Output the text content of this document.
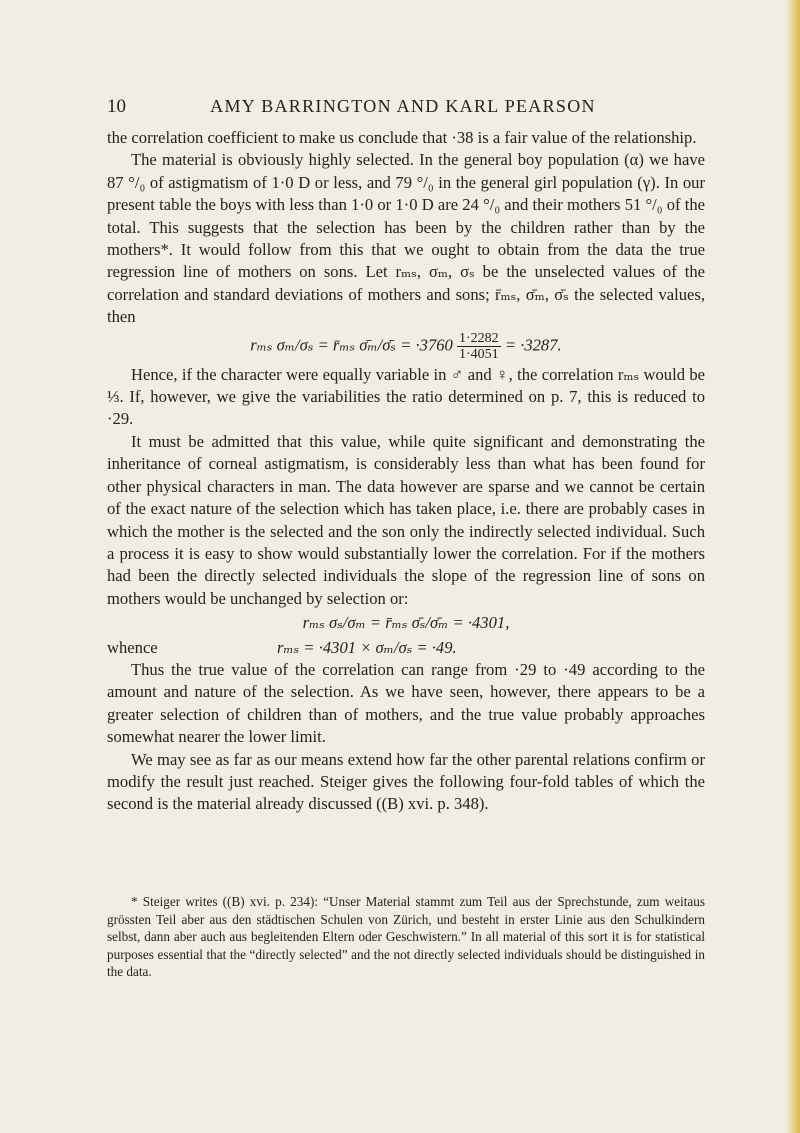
10	AMY BARRINGTON AND KARL PEARSON

the correlation coefficient to make us conclude that ·38 is a fair value of the relationship.

The material is obviously highly selected. In the general boy population (α) we have 87 °/₀ of astigmatism of 1·0 D or less, and 79 °/₀ in the general girl population (γ). In our present table the boys with less than 1·0 or 1·0 D are 24 °/₀ and their mothers 51 °/₀ of the total. This suggests that the selection has been by the children rather than by the mothers*. It would follow from this that we ought to obtain from the data the true regression line of mothers on sons. Let rₘₛ, σₘ, σₛ be the unselected values of the correlation and standard deviations of mothers and sons; r̄ₘₛ, σ̄ₘ, σ̄ₛ the selected values, then

rₘₛ σₘ/σₛ = r̄ₘₛ σ̄ₘ/σ̄ₛ = $\cdot 3760 \frac{1\cdot 2282}{1\cdot 4051} = \cdot 3287$.

Hence, if the character were equally variable in ♂ and ♀, the correlation rₘₛ would be ⅓. If, however, we give the variabilities the ratio determined on p. 7, this is reduced to ·29.

It must be admitted that this value, while quite significant and demonstrating the inheritance of corneal astigmatism, is considerably less than what has been found for other physical characters in man. The data however are sparse and we cannot be certain of the exact nature of the selection which has taken place, i.e. there are probably cases in which the mother is the selected and the son only the indirectly selected individual. Such a process it is easy to show would substantially lower the correlation. For if the mothers had been the directly selected individuals the slope of the regression line of sons on mothers would be unchanged by selection or:

rₘₛ σₛ/σₘ = r̄ₘₛ σ̄ₛ/σ̄ₘ = ·4301,
whence	rₘₛ = ·4301 × σₘ/σₛ = ·49.

Thus the true value of the correlation can range from ·29 to ·49 according to the amount and nature of the selection. As we have seen, however, there appears to be a greater selection of children than of mothers, and the true value probably approaches somewhat nearer the lower limit.

We may see as far as our means extend how far the other parental relations confirm or modify the result just reached. Steiger gives the following four-fold tables of which the second is the material already discussed ((B) xvi. p. 348).

* Steiger writes ((B) xvi. p. 234): “Unser Material stammt zum Teil aus der Sprechstunde, zum weitaus grössten Teil aber aus den städtischen Schulen von Zürich, und besteht in erster Linie aus den Schulkindern selbst, dann aber auch aus begleitenden Eltern oder Geschwistern.” In all material of this sort it is for statistical purposes essential that the “directly selected” and the not directly selected individuals should be distinguished in the data.
